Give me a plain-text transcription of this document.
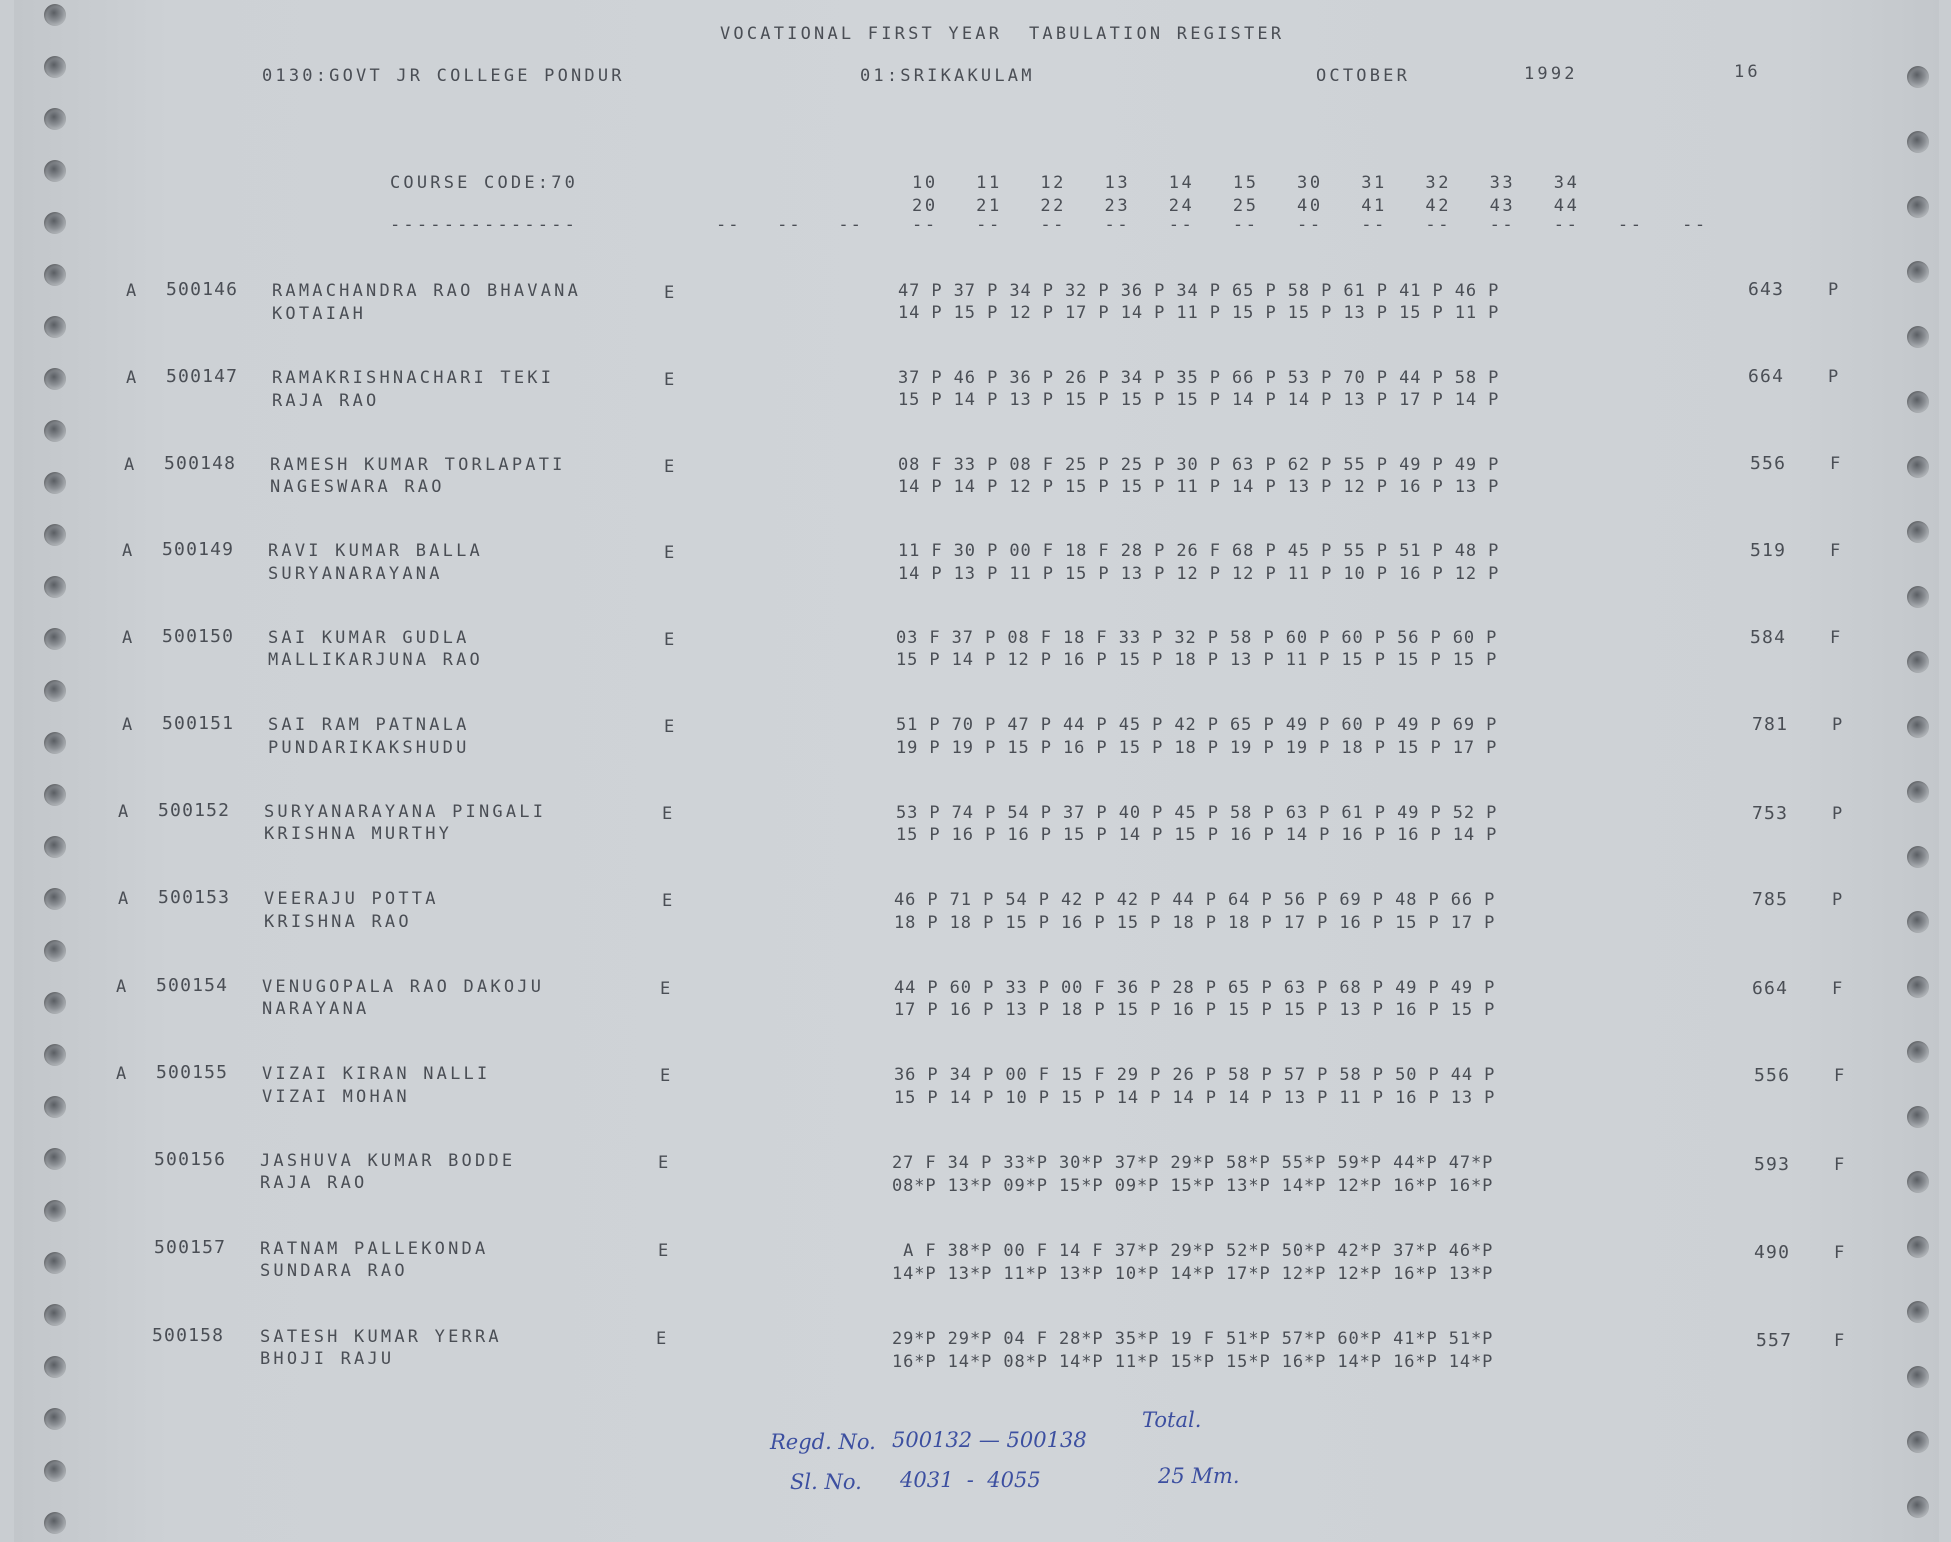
VOCATIONAL FIRST YEAR  TABULATION REGISTER
0130:GOVT JR COLLEGE PONDUR	01:SRIKAKULAM	OCTOBER	1992	16
COURSE CODE:70
--------------	--   --   --
10   11   12   13   14   15   30   31   32   33   34
20   21   22   23   24   25   40   41   42   43   44
--   --   --   --   --   --   --   --   --   --   --   --   --
A 500146 RAMACHANDRA RAO BHAVANA
KOTAIAH
E	47 P 37 P 34 P 32 P 36 P 34 P 65 P 58 P 61 P 41 P 46 P
14 P 15 P 12 P 17 P 14 P 11 P 15 P 15 P 13 P 15 P 11 P
643	P
A 500147 RAMAKRISHNACHARI TEKI
RAJA RAO
E	37 P 46 P 36 P 26 P 34 P 35 P 66 P 53 P 70 P 44 P 58 P
15 P 14 P 13 P 15 P 15 P 15 P 14 P 14 P 13 P 17 P 14 P
664	P
A 500148 RAMESH KUMAR TORLAPATI
NAGESWARA RAO
E	08 F 33 P 08 F 25 P 25 P 30 P 63 P 62 P 55 P 49 P 49 P
14 P 14 P 12 P 15 P 15 P 11 P 14 P 13 P 12 P 16 P 13 P
556	F
A 500149 RAVI KUMAR BALLA
SURYANARAYANA
E	11 F 30 P 00 F 18 F 28 P 26 F 68 P 45 P 55 P 51 P 48 P
14 P 13 P 11 P 15 P 13 P 12 P 12 P 11 P 10 P 16 P 12 P
519	F
A 500150 SAI KUMAR GUDLA
MALLIKARJUNA RAO
E	03 F 37 P 08 F 18 F 33 P 32 P 58 P 60 P 60 P 56 P 60 P
15 P 14 P 12 P 16 P 15 P 18 P 13 P 11 P 15 P 15 P 15 P
584	F
A 500151 SAI RAM PATNALA
PUNDARIKAKSHUDU
E	51 P 70 P 47 P 44 P 45 P 42 P 65 P 49 P 60 P 49 P 69 P
19 P 19 P 15 P 16 P 15 P 18 P 19 P 19 P 18 P 15 P 17 P
781	P
A 500152 SURYANARAYANA PINGALI
KRISHNA MURTHY
E	53 P 74 P 54 P 37 P 40 P 45 P 58 P 63 P 61 P 49 P 52 P
15 P 16 P 16 P 15 P 14 P 15 P 16 P 14 P 16 P 16 P 14 P
753	P
A 500153 VEERAJU POTTA
KRISHNA RAO
E	46 P 71 P 54 P 42 P 42 P 44 P 64 P 56 P 69 P 48 P 66 P
18 P 18 P 15 P 16 P 15 P 18 P 18 P 17 P 16 P 15 P 17 P
785	P
A 500154 VENUGOPALA RAO DAKOJU
NARAYANA
E	44 P 60 P 33 P 00 F 36 P 28 P 65 P 63 P 68 P 49 P 49 P
17 P 16 P 13 P 18 P 15 P 16 P 15 P 15 P 13 P 16 P 15 P
664	F
A 500155 VIZAI KIRAN NALLI
VIZAI MOHAN
E	36 P 34 P 00 F 15 F 29 P 26 P 58 P 57 P 58 P 50 P 44 P
15 P 14 P 10 P 15 P 14 P 14 P 14 P 13 P 11 P 16 P 13 P
556	F
500156 JASHUVA KUMAR BODDE
RAJA RAO
E	27 F 34 P 33*P 30*P 37*P 29*P 58*P 55*P 59*P 44*P 47*P
08*P 13*P 09*P 15*P 09*P 15*P 13*P 14*P 12*P 16*P 16*P
593	F
500157 RATNAM PALLEKONDA
SUNDARA RAO
E	A F 38*P 00 F 14 F 37*P 29*P 52*P 50*P 42*P 37*P 46*P
14*P 13*P 11*P 13*P 10*P 14*P 17*P 12*P 12*P 16*P 13*P
490	F
500158 SATESH KUMAR YERRA
BHOJI RAJU
E	29*P 29*P 04 F 28*P 35*P 19 F 51*P 57*P 60*P 41*P 51*P
16*P 14*P 08*P 14*P 11*P 15*P 15*P 16*P 14*P 16*P 14*P
557 F
Regd. No. 500132 — 500138
Sl. No. 4031  -  4055
Total.
25 Mm.
